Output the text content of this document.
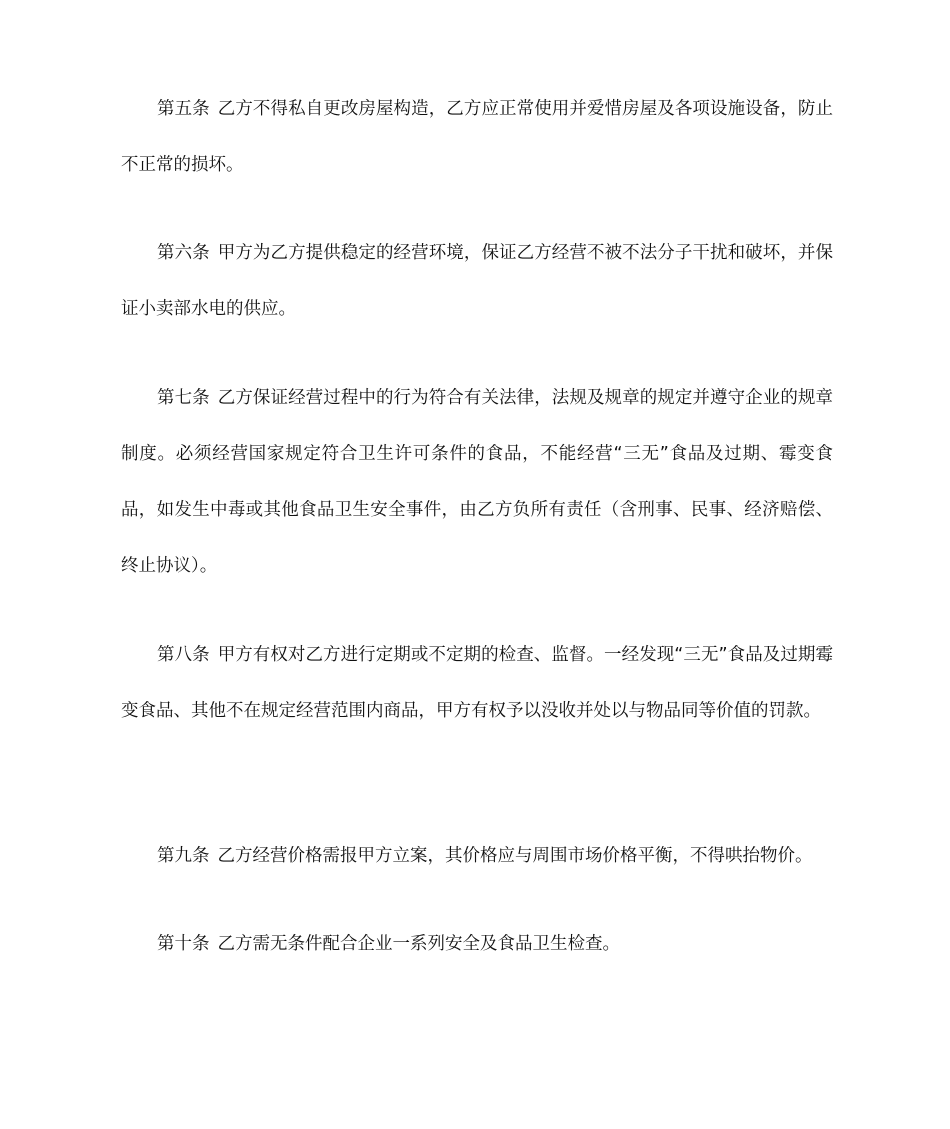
第五条 乙方不得私自更改房屋构造，乙方应正常使用并爱惜房屋及各项设施设备，防止不正常的损坏。

第六条 甲方为乙方提供稳定的经营环境，保证乙方经营不被不法分子干扰和破坏，并保证小卖部水电的供应。

第七条 乙方保证经营过程中的行为符合有关法律，法规及规章的规定并遵守企业的规章制度。必须经营国家规定符合卫生许可条件的食品，不能经营“三无”食品及过期、霉变食品，如发生中毒或其他食品卫生安全事件，由乙方负所有责任（含刑事、民事、经济赔偿、终止协议）。

第八条 甲方有权对乙方进行定期或不定期的检查、监督。一经发现“三无”食品及过期霉变食品、其他不在规定经营范围内商品，甲方有权予以没收并处以与物品同等价值的罚款。

第九条 乙方经营价格需报甲方立案，其价格应与周围市场价格平衡，不得哄抬物价。

第十条 乙方需无条件配合企业一系列安全及食品卫生检查。
